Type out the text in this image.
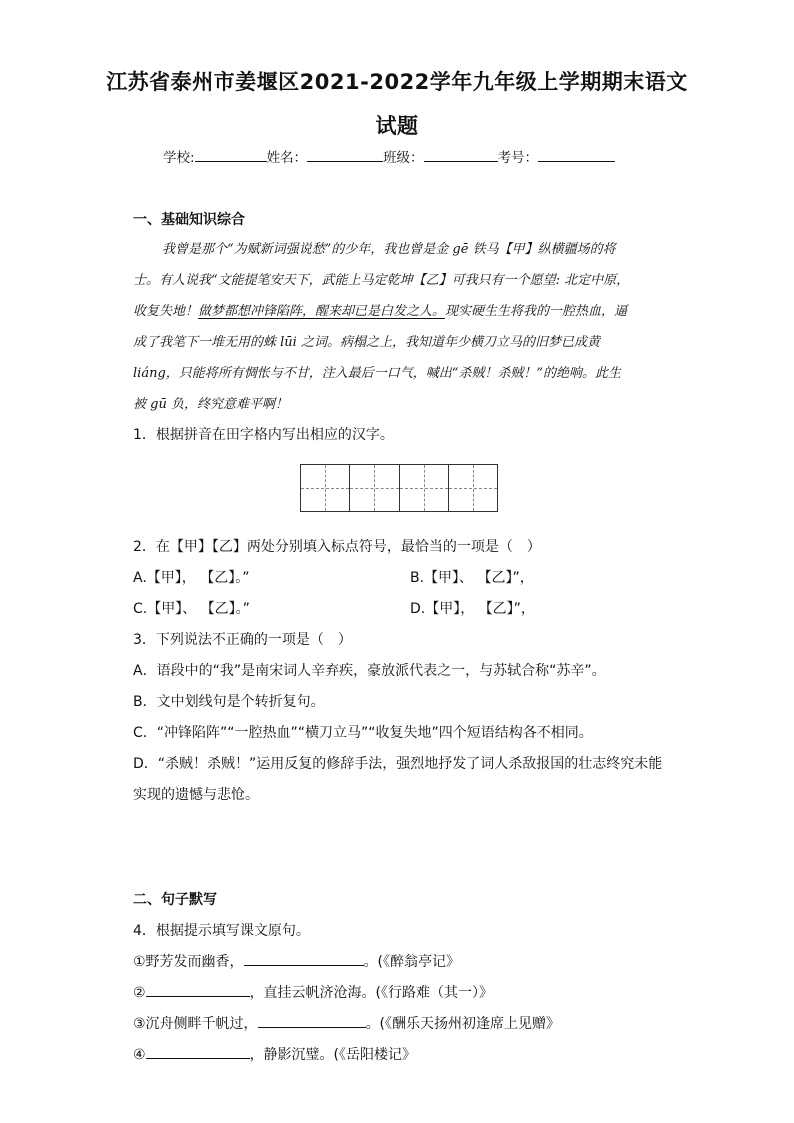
江苏省泰州市姜堰区2021-2022学年九年级上学期期末语文
试题
学校:	姓名：	班级：	考号：
一、基础知识综合
我曾是那个“为赋新词强说愁”的少年，我也曾是金 gē 铁马【甲】纵横疆场的将
士。有人说我“文能提笔安天下，武能上马定乾坤【乙】可我只有一个愿望: 北定中原，
收复失地！做梦都想冲锋陷阵，醒来却已是白发之人。现实硬生生将我的一腔热血，逼
成了我笔下一堆无用的蛛 lūi 之词。病榻之上，我知道年少横刀立马的旧梦已成黄
liáng，只能将所有惆怅与不甘，注入最后一口气，喊出“杀贼！杀贼！”的绝响。此生
被 gū 负，终究意难平啊！
1．根据拼音在田字格内写出相应的汉字。
2．在【甲】【乙】两处分别填入标点符号，最恰当的一项是（　）
A.【甲】， 【乙】。”	B.【甲】、 【乙】”，
C.【甲】、 【乙】。”	D.【甲】， 【乙】”，
3．下列说法不正确的一项是（　）
A．语段中的“我”是南宋词人辛弃疾，豪放派代表之一，与苏轼合称“苏辛”。
B．文中划线句是个转折复句。
C．“冲锋陷阵”“一腔热血”“横刀立马”“收复失地”四个短语结构各不相同。
D．“杀贼！杀贼！”运用反复的修辞手法，强烈地抒发了词人杀敌报国的壮志终究未能
实现的遗憾与悲怆。
二、句子默写
4．根据提示填写课文原句。
①野芳发而幽香，	。(《醉翁亭记》
②	，直挂云帆济沧海。(《行路难（其一）》
③沉舟侧畔千帆过，	。(《酬乐天扬州初逢席上见赠》
④	，静影沉璧。(《岳阳楼记》
